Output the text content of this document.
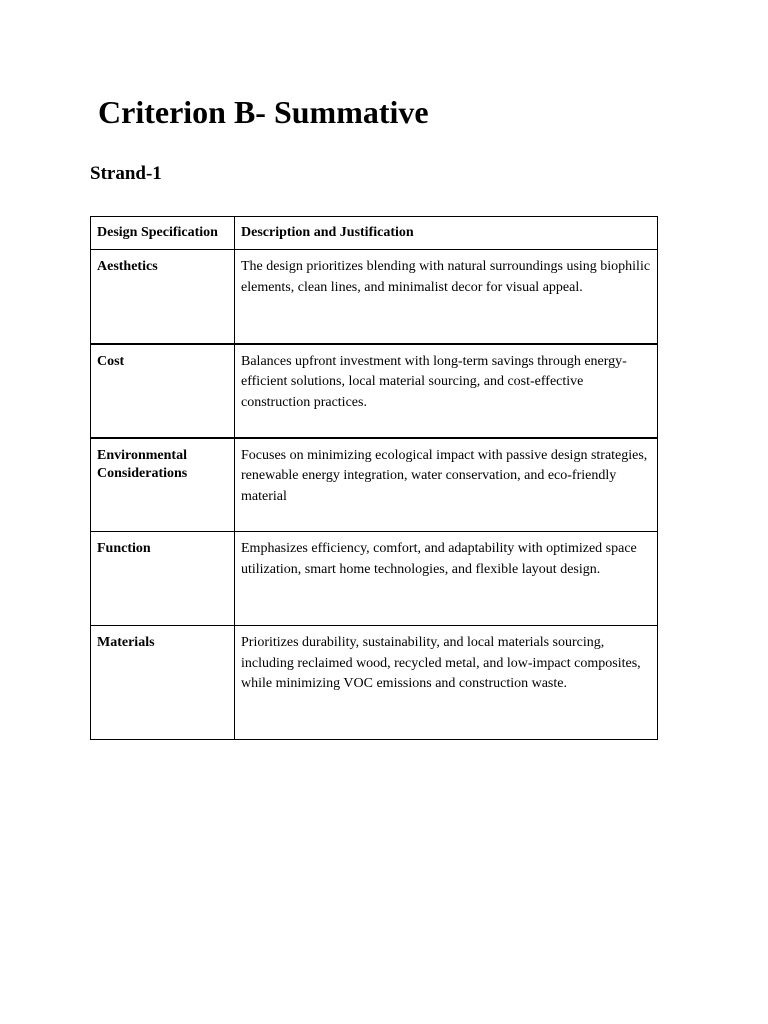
Criterion B- Summative
Strand-1
Design Specification	Description and Justification
Aesthetics	The design prioritizes blending with natural surroundings using biophilic elements, clean lines, and minimalist decor for visual appeal.
Cost	Balances upfront investment with long-term savings through energy-efficient solutions, local material sourcing, and cost-effective construction practices.
Environmental Considerations	Focuses on minimizing ecological impact with passive design strategies, renewable energy integration, water conservation, and eco-friendly material
Function	Emphasizes efficiency, comfort, and adaptability with optimized space utilization, smart home technologies, and flexible layout design.
Materials	Prioritizes durability, sustainability, and local materials sourcing, including reclaimed wood, recycled metal, and low-impact composites, while minimizing VOC emissions and construction waste.
